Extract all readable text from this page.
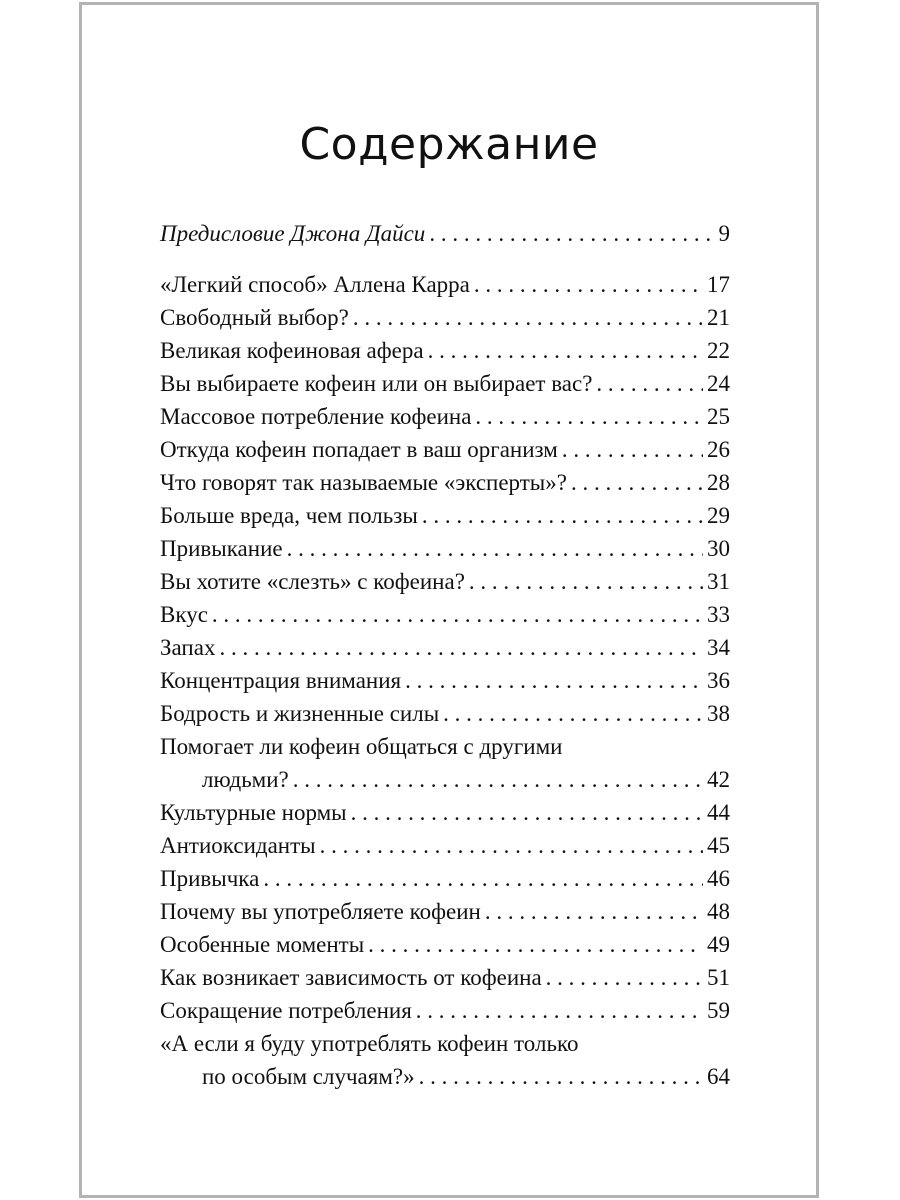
Содержание
Предисловие Джона Дайси . . .	9
«Легкий способ» Аллена Карра . . .	17
Свободный выбор? . . .	21
Великая кофеиновая афера . . .	22
Вы выбираете кофеин или он выбирает вас? . . .	24
Массовое потребление кофеина . . .	25
Откуда кофеин попадает в ваш организм . . .	26
Что говорят так называемые «эксперты»? . . .	28
Больше вреда, чем пользы . . .	29
Привыкание . . .	30
Вы хотите «слезть» с кофеина? . . .	31
Вкус . . .	33
Запах . . .	34
Концентрация внимания . . .	36
Бодрость и жизненные силы . . .	38
Помогает ли кофеин общаться с другими
людьми? . . .	42
Культурные нормы . . .	44
Антиоксиданты . . .	45
Привычка . . .	46
Почему вы употребляете кофеин . . .	48
Особенные моменты . . .	49
Как возникает зависимость от кофеина . . .	51
Сокращение потребления . . .	59
«А если я буду употреблять кофеин только
по особым случаям?» . . .	64
